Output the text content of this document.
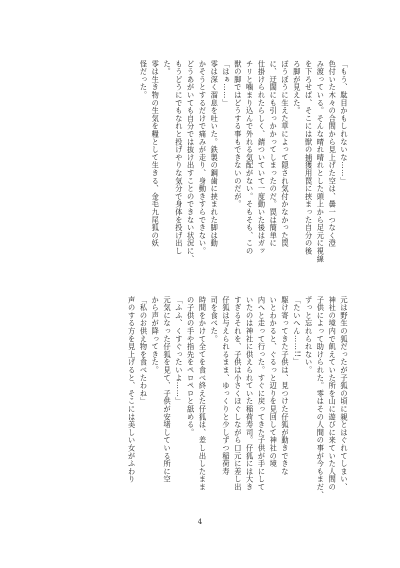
「もう、駄目かもしれないな……」

色付いた木々の合間から見上げた空は、曇一つなく澄

み渡っている。そんな晴れ晴れとした頭上から足元に視線

を下ろせば、そこには獣の捕獲用罠に挟まった自分の後

ろ脚が見えた。

ぼうぼうに生えた草によって隠され気付かなかった罠

に、迂闊にも引っかかってしまったのだ。罠は簡単に

仕掛けられたらしく、錆ついていて一度動いた後はガッ

チリと噛まり込んで外れる気配がない。そもそも、この

獣の脚ではどうする事もできないのだが。

「はぁ……」

零は深く溜息を吐いた。鉄製の鋼歯に挟まれた脚は動

かそうとするだけで痛みが走り、身動きすらできない。

どうあがいても自分では抜け出すことのできない状況に、

もうどうにでもなれと投げやりな気分で身体を投げ出し

た。

零は生き物の生気を糧として生きる、金毛九尾狐の妖

怪だった。

元は野生の狐だったが子狐の頃に親とはぐれてしまい、

神社の境内で飢えていた所を山に遊びに来ていた人間の

子供によって助けられた。零はその人間の事が今もまだ、

ずっと忘れられない。

「たいへん……!!」

駆け寄ってきた子供は、見つけた仔狐が動きできな

いとわかると、ぐるっと辺りを見回して神社の境

内へと走って行った。すぐに戻ってきた子供が手にして

いたのは神社に供えられていた稲荷寿司。仔狐には大き

すぎるそれを、子供は小さくほぐしながら口元に差し出

仔狐は与えられるまま、ゆっくりと少しずつ稲荷寿

司を食べた。

時間をかけて全てを食べ終えた仔狐は、差し出したまま

の子供の手や指先をペロペロと舐める。

「ふふ、くすぐったいよ……」

元気になった仔狐を見て、子供が安堵している所に空

から声が降ってきた。

「私のお供え物を食べたわね」

声のする方を見上げると、そこには美しい女がふわり

4
